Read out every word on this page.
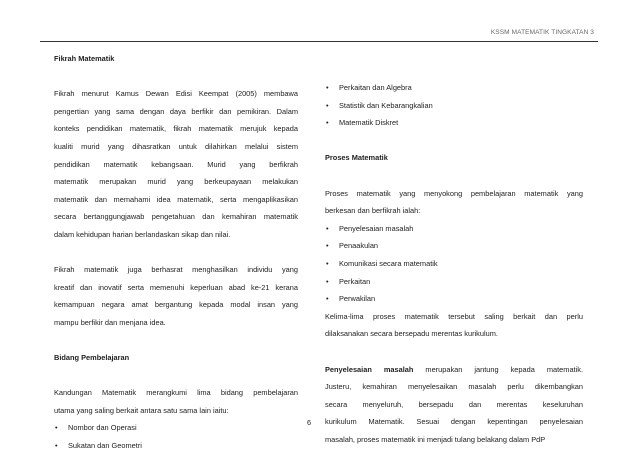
KSSM MATEMATIK TINGKATAN 3

Fikrah Matematik

Fikrah menurut Kamus Dewan Edisi Keempat (2005) membawa
pengertian yang sama dengan daya berfikir dan pemikiran. Dalam
konteks pendidikan matematik, fikrah matematik merujuk kepada
kualiti murid yang dihasratkan untuk dilahirkan melalui sistem
pendidikan matematik kebangsaan. Murid yang berfikrah
matematik merupakan murid yang berkeupayaan melakukan
matematik dan memahami idea matematik, serta mengaplikasikan
secara bertanggungjawab pengetahuan dan kemahiran matematik
dalam kehidupan harian berlandaskan sikap dan nilai.
Fikrah matematik juga berhasrat menghasilkan individu yang
kreatif dan inovatif serta memenuhi keperluan abad ke-21 kerana
kemampuan negara amat bergantung kepada modal insan yang
mampu berfikir dan menjana idea.

Bidang Pembelajaran

Kandungan Matematik merangkumi lima bidang pembelajaran
utama yang saling berkait antara satu sama lain iaitu:
• Nombor dan Operasi
• Sukatan dan Geometri
• Perkaitan dan Algebra
• Statistik dan Kebarangkalian
• Matematik Diskret

Proses Matematik

Proses matematik yang menyokong pembelajaran matematik yang
berkesan dan berfikrah ialah:
• Penyelesaian masalah
• Penaakulan
• Komunikasi secara matematik
• Perkaitan
• Perwakilan
Kelima-lima proses matematik tersebut saling berkait dan perlu
dilaksanakan secara bersepadu merentas kurikulum.
Penyelesaian masalah merupakan jantung kepada matematik.
Justeru, kemahiran menyelesaikan masalah perlu dikembangkan
secara menyeluruh, bersepadu dan merentas keseluruhan
kurikulum Matematik. Sesuai dengan kepentingan penyelesaian
masalah, proses matematik ini menjadi tulang belakang dalam PdP
6
